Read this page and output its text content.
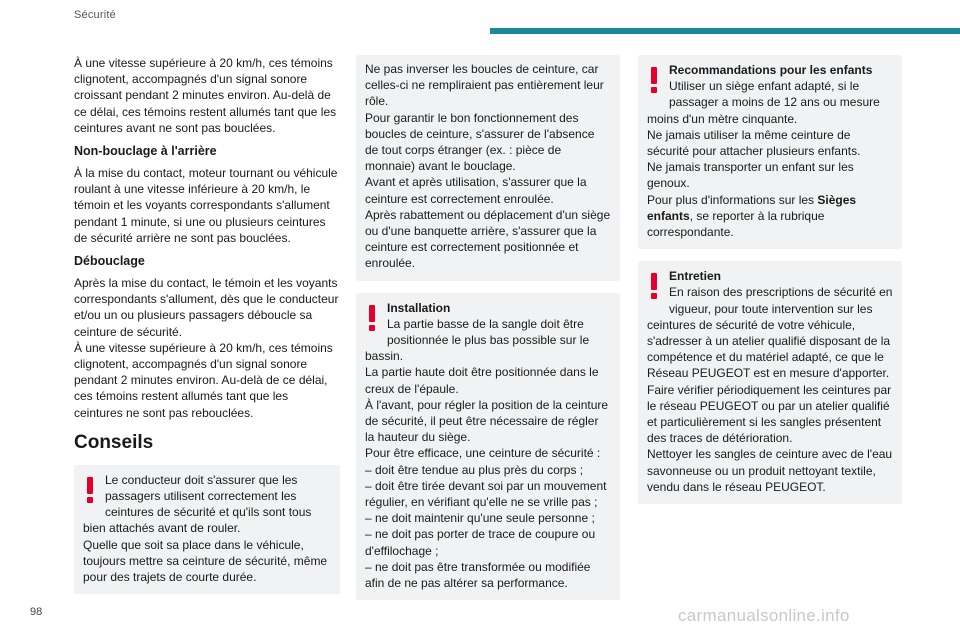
Sécurité

À une vitesse supérieure à 20 km/h, ces témoins clignotent, accompagnés d'un signal sonore croissant pendant 2 minutes environ. Au-delà de ce délai, ces témoins restent allumés tant que les ceintures avant ne sont pas bouclées.

Non-bouclage à l'arrière

À la mise du contact, moteur tournant ou véhicule roulant à une vitesse inférieure à 20 km/h, le témoin et les voyants correspondants s'allument pendant 1 minute, si une ou plusieurs ceintures de sécurité arrière ne sont pas bouclées.

Débouclage

Après la mise du contact, le témoin et les voyants correspondants s'allument, dès que le conducteur et/ou un ou plusieurs passagers déboucle sa ceinture de sécurité.

À une vitesse supérieure à 20 km/h, ces témoins clignotent, accompagnés d'un signal sonore pendant 2 minutes environ. Au-delà de ce délai, ces témoins restent allumés tant que les ceintures ne sont pas rebouclées.

Conseils

Le conducteur doit s'assurer que les passagers utilisent correctement les ceintures de sécurité et qu'ils sont tous bien attachés avant de rouler.

Quelle que soit sa place dans le véhicule, toujours mettre sa ceinture de sécurité, même pour des trajets de courte durée.

Ne pas inverser les boucles de ceinture, car celles-ci ne rempliraient pas entièrement leur rôle.

Pour garantir le bon fonctionnement des boucles de ceinture, s'assurer de l'absence de tout corps étranger (ex. : pièce de monnaie) avant le bouclage.

Avant et après utilisation, s'assurer que la ceinture est correctement enroulée.

Après rabattement ou déplacement d'un siège ou d'une banquette arrière, s'assurer que la ceinture est correctement positionnée et enroulée.

Installation

La partie basse de la sangle doit être positionnée le plus bas possible sur le bassin.

La partie haute doit être positionnée dans le creux de l'épaule.

À l'avant, pour régler la position de la ceinture de sécurité, il peut être nécessaire de régler la hauteur du siège.

Pour être efficace, une ceinture de sécurité :

– doit être tendue au plus près du corps ;

– doit être tirée devant soi par un mouvement régulier, en vérifiant qu'elle ne se vrille pas ;

– ne doit maintenir qu'une seule personne ;

– ne doit pas porter de trace de coupure ou d'effilochage ;

– ne doit pas être transformée ou modifiée afin de ne pas altérer sa performance.

Recommandations pour les enfants

Utiliser un siège enfant adapté, si le passager a moins de 12 ans ou mesure moins d'un mètre cinquante.

Ne jamais utiliser la même ceinture de sécurité pour attacher plusieurs enfants.

Ne jamais transporter un enfant sur les genoux.

Pour plus d'informations sur les Sièges enfants, se reporter à la rubrique correspondante.

Entretien

En raison des prescriptions de sécurité en vigueur, pour toute intervention sur les ceintures de sécurité de votre véhicule, s'adresser à un atelier qualifié disposant de la compétence et du matériel adapté, ce que le Réseau PEUGEOT est en mesure d'apporter.

Faire vérifier périodiquement les ceintures par le réseau PEUGEOT ou par un atelier qualifié et particulièrement si les sangles présentent des traces de détérioration.

Nettoyer les sangles de ceinture avec de l'eau savonneuse ou un produit nettoyant textile, vendu dans le réseau PEUGEOT.

98	carmanualsonline.info
